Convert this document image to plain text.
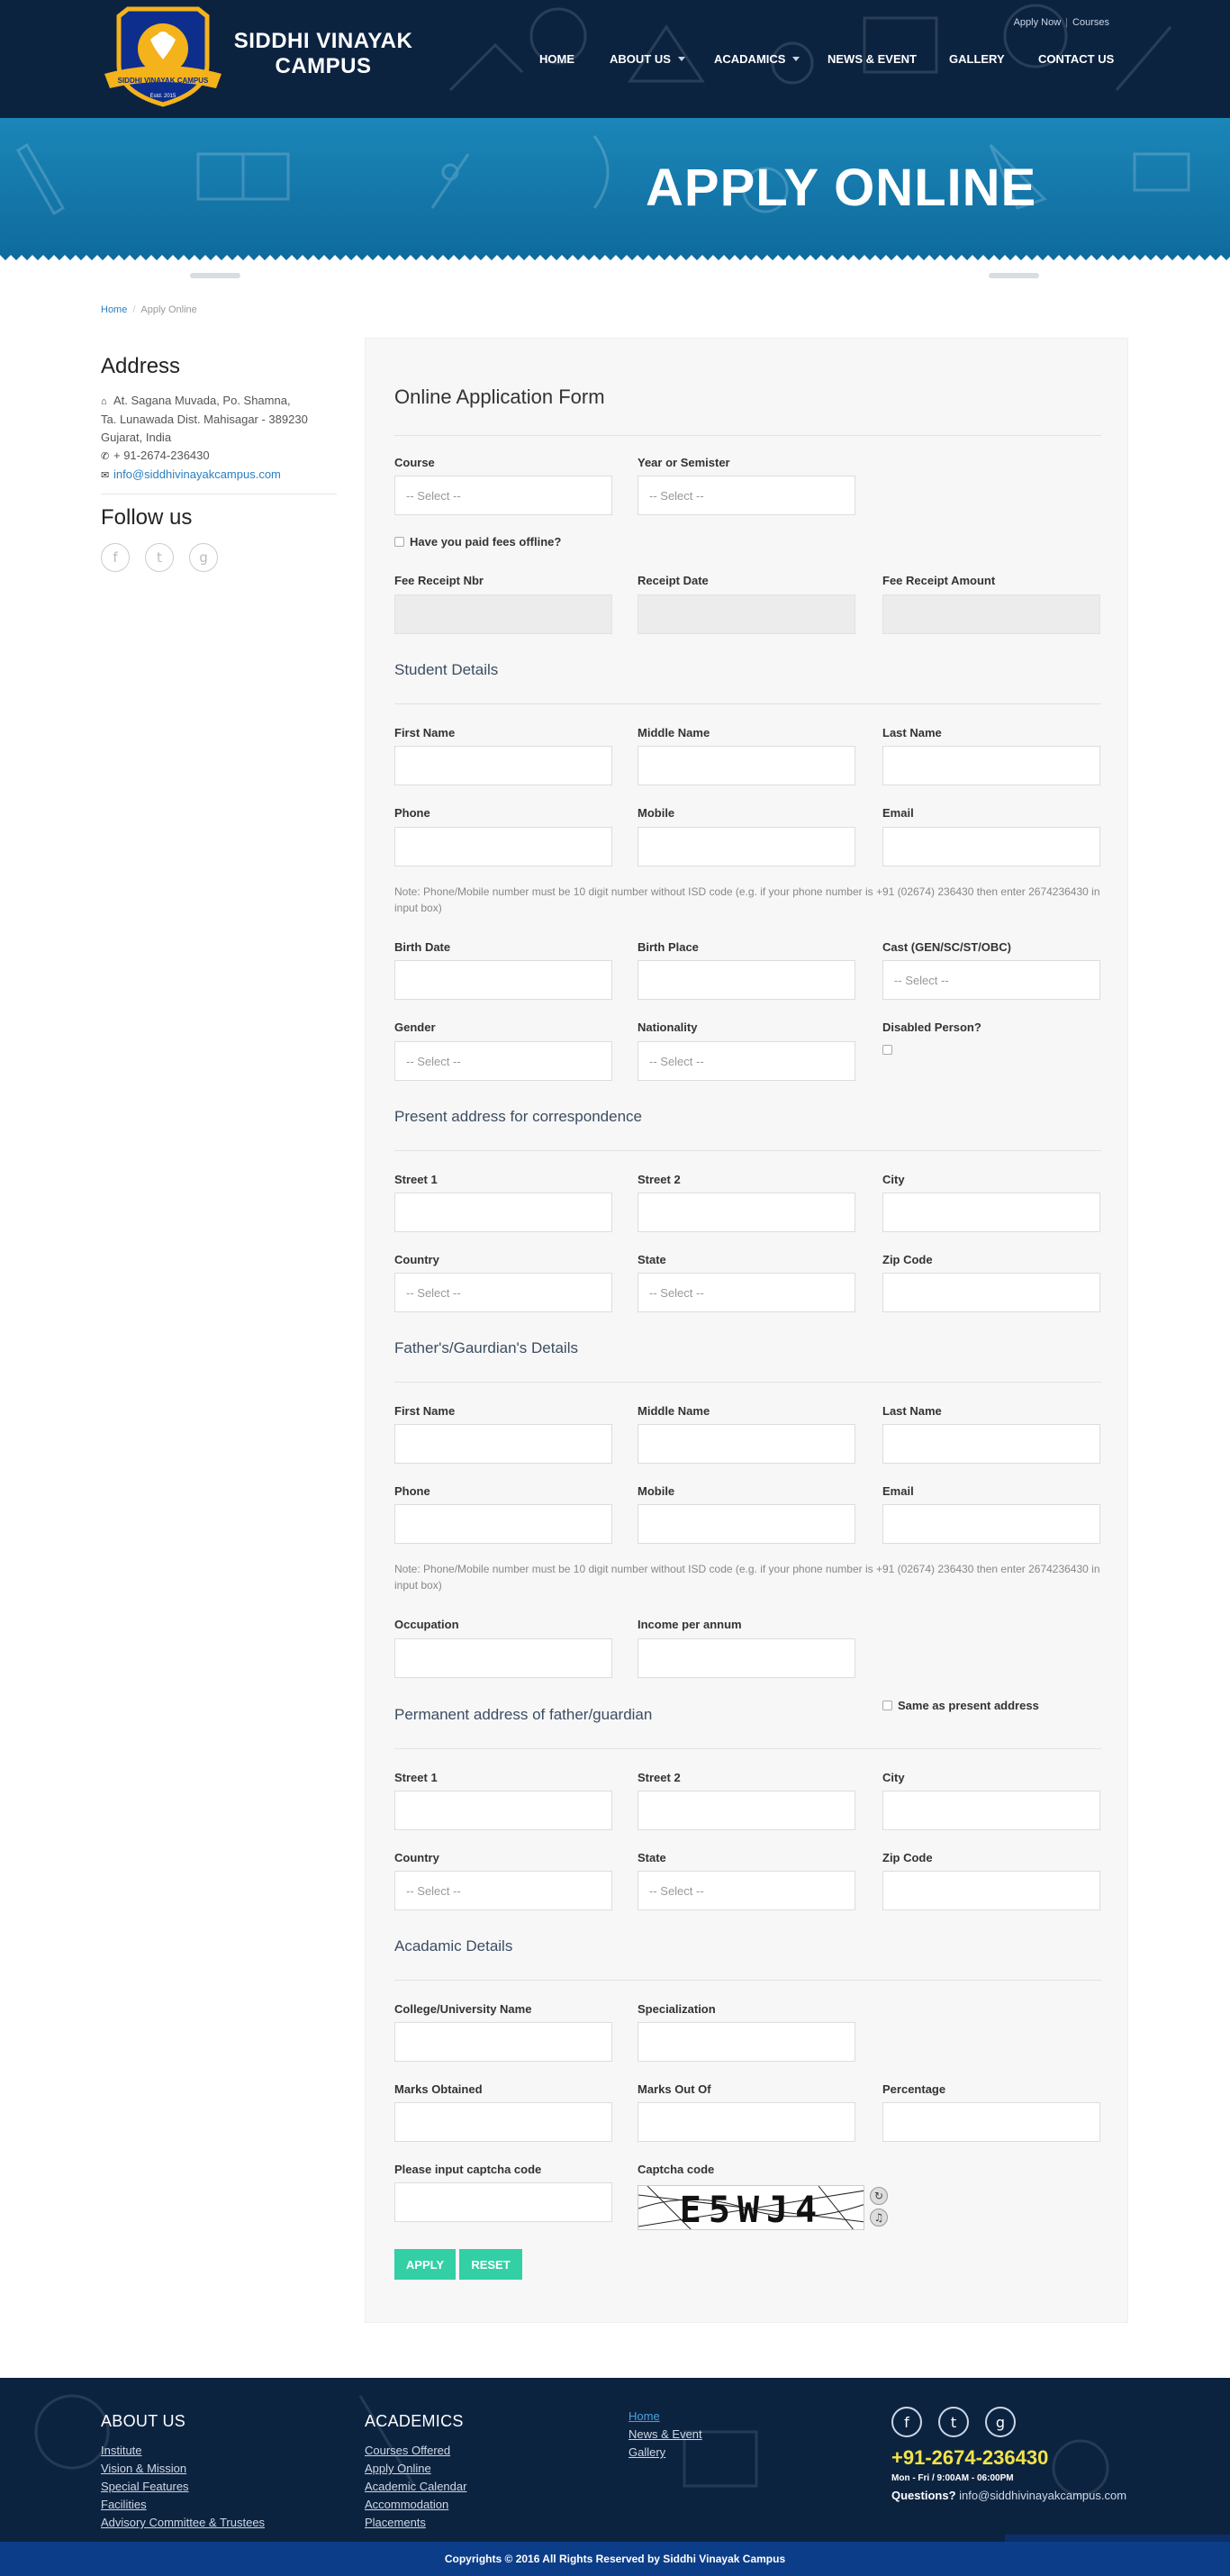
SIDDHI VINAYAK CAMPUS
Estd. 2015
SIDDHI VINAYAK
CAMPUS
Apply Now | Courses
HOME	ABOUT US	ACADAMICS	NEWS & EVENT	GALLERY	CONTACT US
APPLY ONLINE
Home / Apply Online
Address
⌂ At. Sagana Muvada, Po. Shamna,
Ta. Lunawada Dist. Mahisagar - 389230
Gujarat, India
✆ + 91-2674-236430
✉ info@siddhivinayakcampus.com
Follow us
f	t	g
Online Application Form
Course
-- Select --
Year or Semister
-- Select --
Have you paid fees offline?
Fee Receipt Nbr	Receipt Date	Fee Receipt Amount
Student Details
First Name	Middle Name	Last Name
Phone	Mobile	Email
Note: Phone/Mobile number must be 10 digit number without ISD code (e.g. if your phone number is +91 (02674) 236430 then enter 2674236430 in input box)
Birth Date	Birth Place	Cast (GEN/SC/ST/OBC)
-- Select --
Gender
-- Select --
Nationality
-- Select --
Disabled Person?
Present address for correspondence
Street 1	Street 2	City
Country
-- Select --
State
-- Select --
Zip Code
Father's/Gaurdian's Details
First Name	Middle Name	Last Name
Phone	Mobile	Email
Note: Phone/Mobile number must be 10 digit number without ISD code (e.g. if your phone number is +91 (02674) 236430 then enter 2674236430 in input box)
Occupation	Income per annum
Permanent address of father/guardian
Same as present address
Street 1	Street 2	City
Country
-- Select --
State
-- Select --
Zip Code
Acadamic Details
College/University Name	Specialization
Marks Obtained	Marks Out Of	Percentage
Please input captcha code	Captcha code
E5WJ4	↻
♫
APPLY	RESET
ABOUT US
Institute
Vision & Mission
Special Features
Facilities
Advisory Committee & Trustees
ACADEMICS
Courses Offered
Apply Online
Academic Calendar
Accommodation
Placements
Home
News & Event
Gallery
f	t	g
+91-2674-236430
Mon - Fri / 9:00AM - 06:00PM
Questions? info@siddhivinayakcampus.com
Copyrights © 2016 All Rights Reserved by Siddhi Vinayak Campus
